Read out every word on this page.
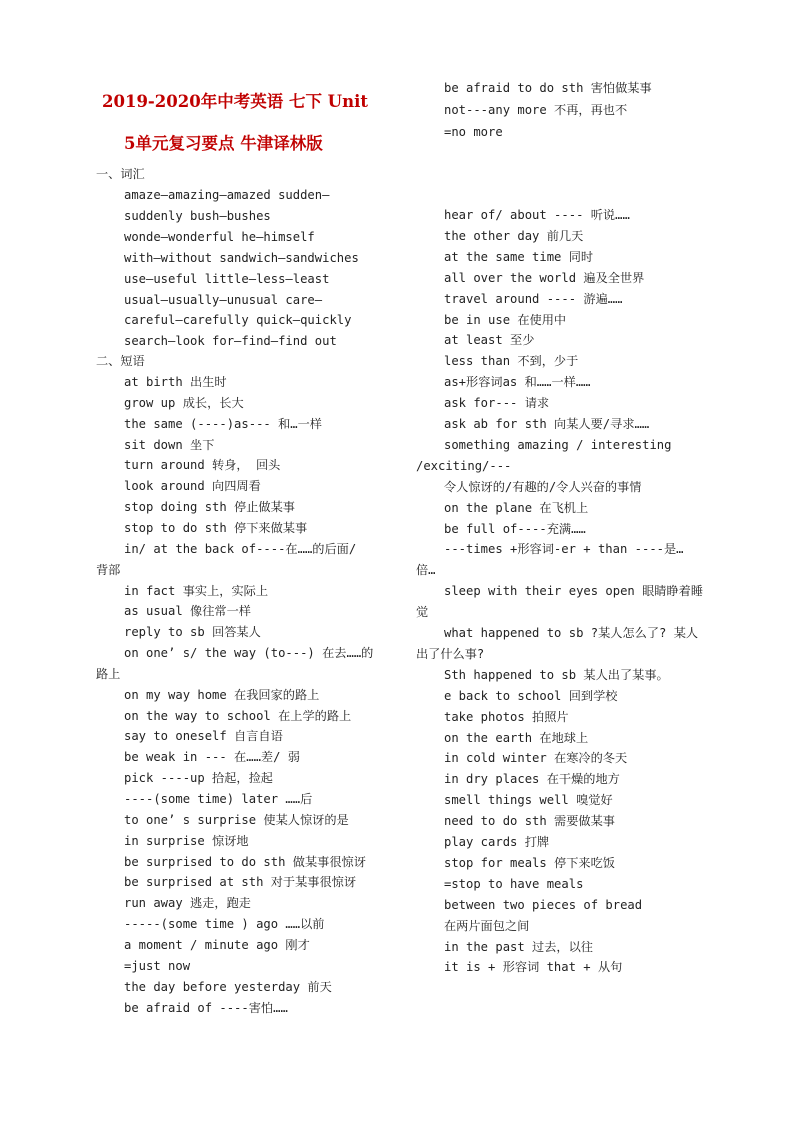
2019-2020年中考英语 七下 Unit
5单元复习要点 牛津译林版
一、词汇
amaze—amazing—amazed sudden—
suddenly bush—bushes
wonde—wonderful he—himself
with—without sandwich—sandwiches
use—useful little—less—least
usual—usually—unusual care—
careful—carefully quick—quickly
search—look for—find—find out
二、短语
at birth 出生时
grow up 成长，长大
the same (----)as--- 和…一样
sit down 坐下
turn around 转身， 回头
look around 向四周看
stop doing sth 停止做某事
stop to do sth 停下来做某事
in/ at the back of----在……的后面/
背部
in fact 事实上，实际上
as usual 像往常一样
reply to sb 回答某人
on one’ s/ the way (to---) 在去……的
路上
on my way home 在我回家的路上
on the way to school 在上学的路上
say to oneself 自言自语
be weak in --- 在……差/ 弱
pick ----up 拾起，捡起
----(some time) later ……后
to one’ s surprise 使某人惊讶的是
in surprise 惊讶地
be surprised to do sth 做某事很惊讶
be surprised at sth 对于某事很惊讶
run away 逃走，跑走
-----(some time ) ago ……以前
a moment / minute ago 刚才
=just now
the day before yesterday 前天
be afraid of ----害怕……
be afraid to do sth 害怕做某事
not---any more 不再，再也不
=no more
hear of/ about ---- 听说……
the other day 前几天
at the same time 同时
all over the world 遍及全世界
travel around ---- 游遍……
be in use 在使用中
at least 至少
less than 不到，少于
as+形容词as 和……一样……
ask for--- 请求
ask ab for sth 向某人要/寻求……
something amazing / interesting
/exciting/---
令人惊讶的/有趣的/令人兴奋的事情
on the plane 在飞机上
be full of----充满……
---times +形容词-er + than ----是…
倍…
sleep with their eyes open 眼睛睁着睡
觉
what happened to sb ?某人怎么了? 某人
出了什么事?
Sth happened to sb 某人出了某事。
e back to school 回到学校
take photos 拍照片
on the earth 在地球上
in cold winter 在寒冷的冬天
in dry places 在干燥的地方
smell things well 嗅觉好
need to do sth 需要做某事
play cards 打牌
stop for meals 停下来吃饭
=stop to have meals
between two pieces of bread
在两片面包之间
in the past 过去，以往
it is + 形容词 that + 从句
